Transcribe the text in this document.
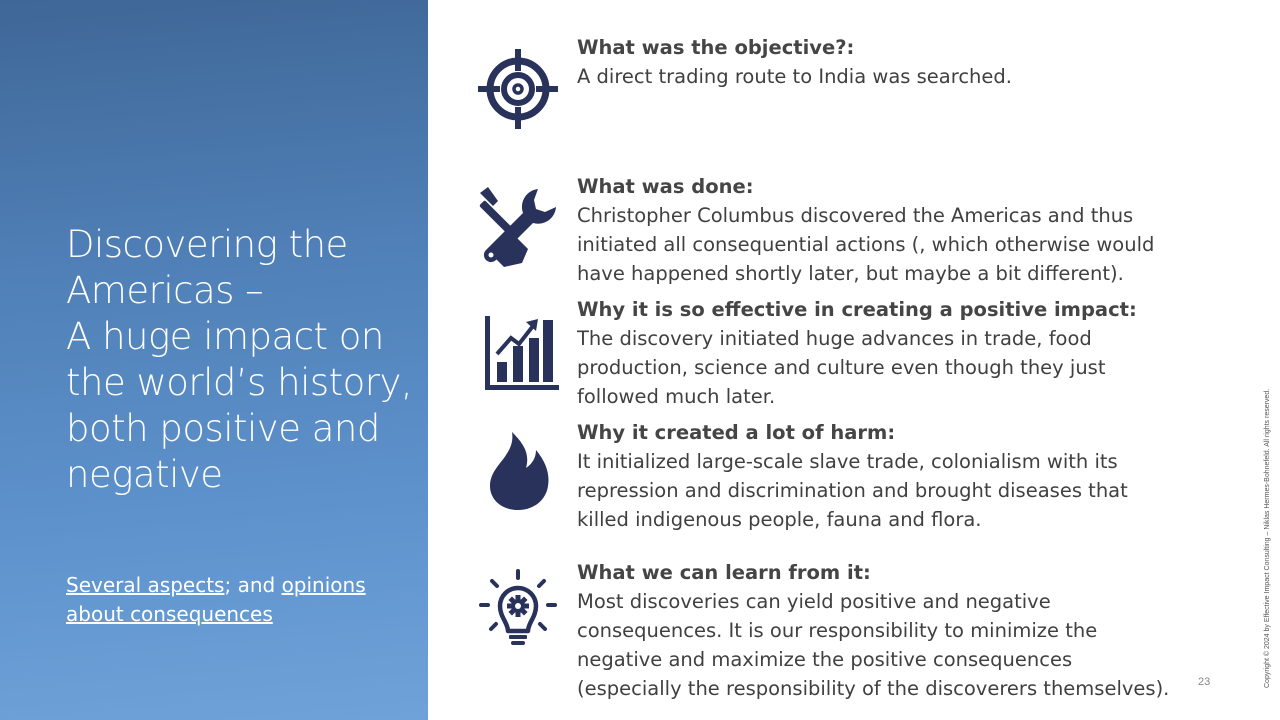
Discovering the
Americas –
A huge impact on
the world’s history,
both positive and
negative
Several aspects; and opinions
about consequences
What was the objective?:
A direct trading route to India was searched.
What was done:
Christopher Columbus discovered the Americas and thus
initiated all consequential actions (, which otherwise would
have happened shortly later, but maybe a bit different).
Why it is so effective in creating a positive impact:
The discovery initiated huge advances in trade, food
production, science and culture even though they just
followed much later.
Why it created a lot of harm:
It initialized large-scale slave trade, colonialism with its
repression and discrimination and brought diseases that
killed indigenous people, fauna and flora.
What we can learn from it:
Most discoveries can yield positive and negative
consequences. It is our responsibility to minimize the
negative and maximize the positive consequences
(especially the responsibility of the discoverers themselves).	23	Copyright © 2024 by Effective Impact Consulting – Niklas Hermes-Bohnefeld. All rights reserved.
